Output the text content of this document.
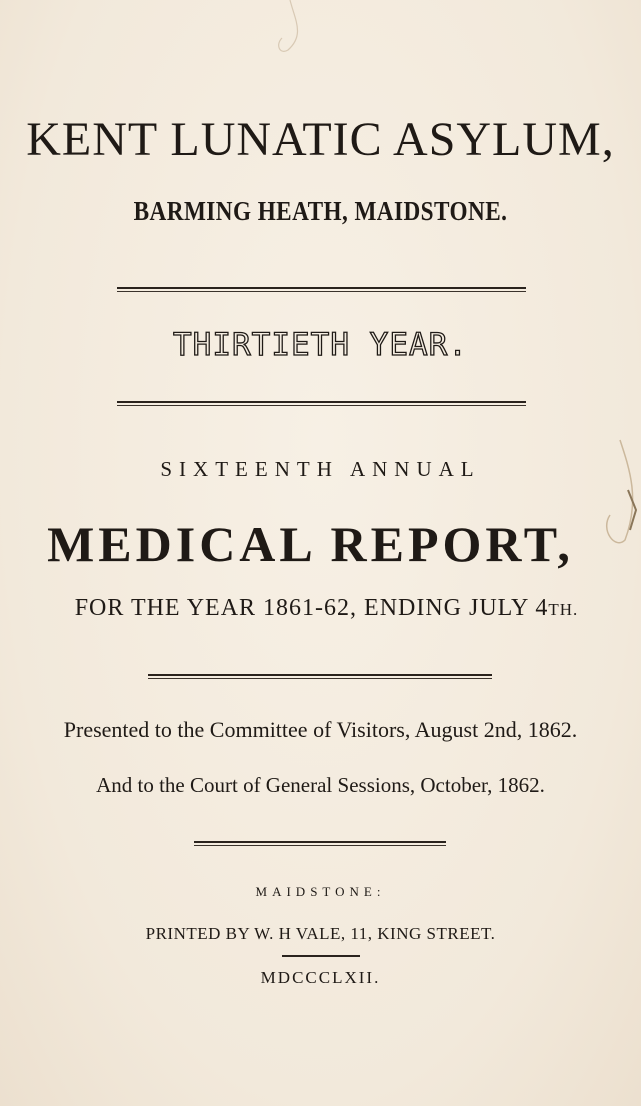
KENT LUNATIC ASYLUM,
BARMING HEATH, MAIDSTONE.
THIRTIETH YEAR.
SIXTEENTH ANNUAL
MEDICAL REPORT,
FOR THE YEAR 1861-62, ENDING JULY 4TH.
Presented to the Committee of Visitors, August 2nd, 1862.
And to the Court of General Sessions, October, 1862.
MAIDSTONE:
PRINTED BY W. H VALE, 11, KING STREET.
MDCCCLXII.
